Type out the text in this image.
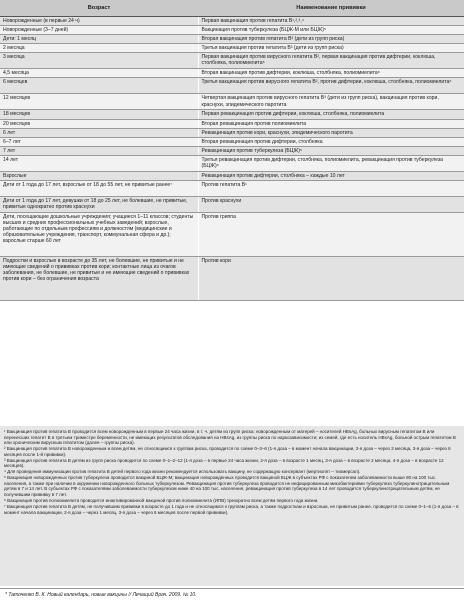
Возраст	Наименование прививки
Новорожденные (в первые 24 ч)	Первая вакцинация против гепатита В¹,²,³,⁴
Новорожденные (3–7 дней)	Вакцинация против туберкулеза (БЦЖ-М или БЦЖ)⁵
Дети: 1 месяц	Вторая вакцинация против гепатита В³ (дети из групп риска)
2 месяца	Третья вакцинация против гепатита В³ (дети из групп риска)
3 месяца	Первая вакцинация против вирусного гепатита В², первая вакцинация против дифтерии, коклюша, столбняка, полиомиелита⁶
4,5 месяца	Вторая вакцинация против дифтерии, коклюша, столбняка, полиомиелита⁶
6 месяцев	Третья вакцинация против вирусного гепатита В², против дифтерии, коклюша, столбняка, полиомиелита⁶
12 месяцев	Четвертая вакцинация против вирусного гепатита В³ (дети из групп риска), вакцинация против кори, краснухи, эпидемического паротита
18 месяцев	Первая ревакцинация против дифтерии, коклюша, столбняка, полиомиелита
20 месяцев	Вторая ревакцинация против полиомиелита
6 лет	Ревакцинация против кори, краснухи, эпидемического паротита
6–7 лет	Вторая ревакцинация против дифтерии, столбняка
7 лет	Ревакцинация против туберкулеза (БЦЖ)⁵
14 лет	Третья ревакцинация против дифтерии, столбняка, полиомиелита, ревакцинация против туберкулеза (БЦЖ)⁵
Взрослые	Ревакцинация против дифтерии, столбняка – каждые 10 лет
Дети от 1 года до 17 лет, взрослые от 18 до 55 лет, не привитые ранее⁷	Против гепатита В¹
Дети от 1 года до 17 лет, девушки от 18 до 25 лет, не болевшие, не привитые, привитые однократно против краснухи	Против краснухи
Дети, посещающие дошкольные учреждения; учащиеся 1–11 классов; студенты высших и средних профессиональных учебных заведений; взрослые, работающие по отдельным профессиям и должностям (медицинские и образовательные учреждения, транспорт, коммунальная сфера и др.); взрослые старше 60 лет	Против гриппа
Подростки и взрослые в возрасте до 35 лет, не болевшие, не привитые и не имеющие сведений о прививках против кори; контактные лица из очагов заболевания, не болевшие, не привитые и не имеющие сведений о прививках против кори – без ограничения возраста	Против кори

¹ Вакцинация против гепатита В проводится всем новорожденным в первые 24 часа жизни, в т. ч. детям из групп риска: новорожденным от матерей – носителей HBsAg, больных вирусным гепатитом В или перенесших гепатит В в третьем триместре беременности, не имеющих результатов обследования на HBsAg, из группы риска по наркозависимости; из семей, где есть носитель HBsAg, больной острым гепатитом В или хроническим вирусным гепатитом (далее – группы риска).

² Вакцинация против гепатита В новорожденным и всем детям, не относящимся к группам риска, проводится по схеме 0–3–6 (1-я доза – в момент начала вакцинации, 2-я доза – через 3 месяца, 3-я доза – через 6 месяцев после 1-й прививки).

³ Вакцинация против гепатита В детям из групп риска проводится по схеме 0–1–2–12 (1-я доза – в первые 24 часа жизни, 2-я доза – в возрасте 1 месяц, 3-я доза – в возрасте 2 месяца, 4-я доза – в возрасте 12 месяцев).

⁴ Для проведения иммунизации против гепатита В детей первого года жизни рекомендуется использовать вакцину, не содержащую консервант (мертиолят – тиомерсал).

⁵ Вакцинация новорожденных против туберкулеза проводится вакциной БЦЖ-М; вакцинация новорожденных проводится вакциной БЦЖ в субъектах РФ с показателем заболеваемости выше 80 на 100 тыс. населения, а также при наличии в окружении новорожденного больных туберкулезом. Ревакцинация против туберкулеза проводится не инфицированным микобактериями туберкулеза туберкулинотрицательным детям в 7 и 14 лет. В субъектах РФ с показателями заболеваемости туберкулезом ниже 40 на 100 тыс. населения, ревакцинация против туберкулеза в 14 лет проводится туберкулинотрицательным детям, не получившим прививку в 7 лет.

⁶ Вакцинация против полиомиелита проводится инактивированной вакциной против полиомиелита (ИПВ) трехкратно всем детям первого года жизни.

⁷ Вакцинация против гепатита В детям, не получившим прививки в возрасте до 1 года и не относящимся к группам риска, а также подросткам и взрослым, не привитым ранее, проводится по схеме 0–1–6 (1-я доза – в момент начала вакцинации, 2-я доза – через 1 месяц, 3-я доза – через 6 месяцев после первой прививки).

* Таточенко В. К. Новый календарь, новые вакцины // Лечащий Врач. 2009. № 10.
